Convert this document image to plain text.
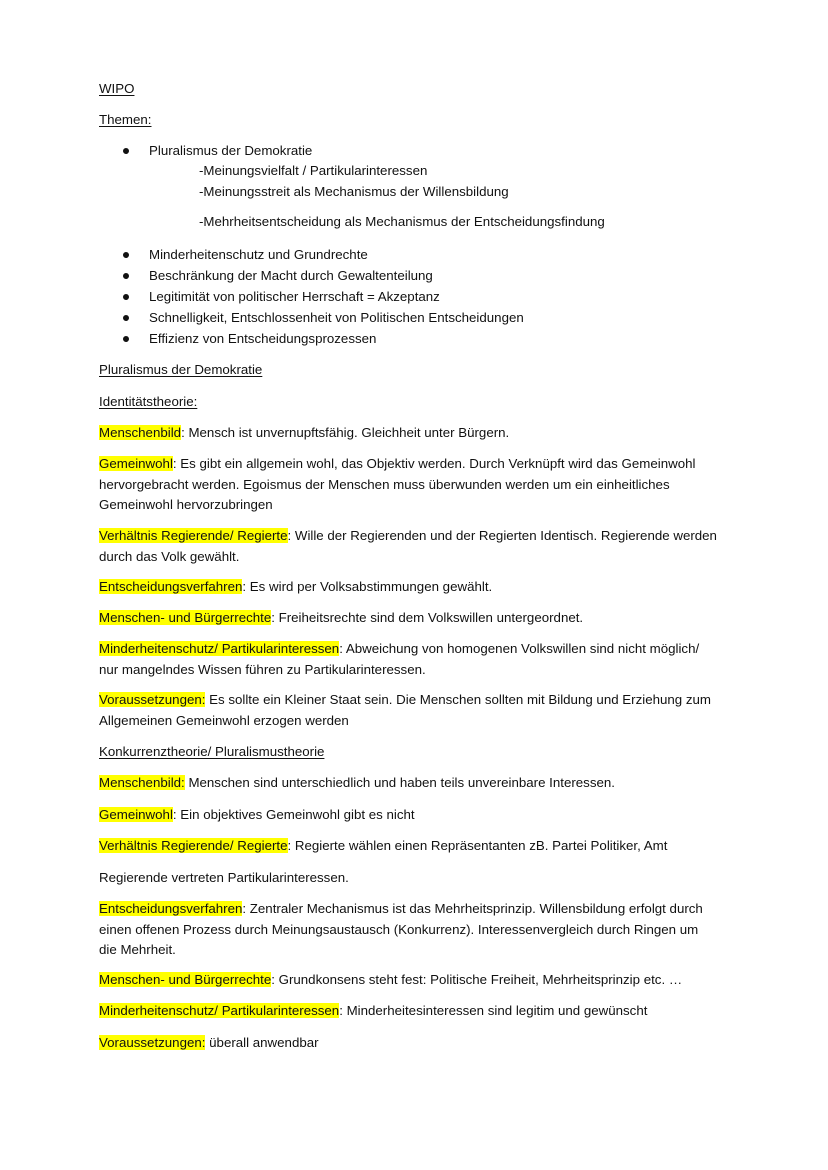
WIPO
Themen:
Pluralismus der Demokratie
-Meinungsvielfalt / Partikularinteressen
-Meinungsstreit als Mechanismus der Willensbildung
-Mehrheitsentscheidung als Mechanismus der Entscheidungsfindung
Minderheitenschutz und Grundrechte
Beschränkung der Macht durch Gewaltenteilung
Legitimität von politischer Herrschaft = Akzeptanz
Schnelligkeit, Entschlossenheit von Politischen Entscheidungen
Effizienz von Entscheidungsprozessen
Pluralismus der Demokratie
Identitätstheorie:
Menschenbild: Mensch ist unvernupftsfähig. Gleichheit unter Bürgern.
Gemeinwohl: Es gibt ein allgemein wohl, das Objektiv werden. Durch Verknüpft wird das Gemeinwohl hervorgebracht werden. Egoismus der Menschen muss überwunden werden um ein einheitliches Gemeinwohl hervorzubringen
Verhältnis Regierende/ Regierte: Wille der Regierenden und der Regierten Identisch. Regierende werden durch das Volk gewählt.
Entscheidungsverfahren: Es wird per Volksabstimmungen gewählt.
Menschen- und Bürgerrechte: Freiheitsrechte sind dem Volkswillen untergeordnet.
Minderheitenschutz/ Partikularinteressen: Abweichung von homogenen Volkswillen sind nicht möglich/ nur mangelndes Wissen führen zu Partikularinteressen.
Voraussetzungen: Es sollte ein Kleiner Staat sein. Die Menschen sollten mit Bildung und Erziehung zum Allgemeinen Gemeinwohl erzogen werden
Konkurrenztheorie/ Pluralismustheorie
Menschenbild: Menschen sind unterschiedlich und haben teils unvereinbare Interessen.
Gemeinwohl: Ein objektives Gemeinwohl gibt es nicht
Verhältnis Regierende/ Regierte: Regierte wählen einen Repräsentanten zB. Partei Politiker, Amt
Regierende vertreten Partikularinteressen.
Entscheidungsverfahren: Zentraler Mechanismus ist das Mehrheitsprinzip. Willensbildung erfolgt durch einen offenen Prozess durch Meinungsaustausch (Konkurrenz). Interessenvergleich durch Ringen um die Mehrheit.
Menschen- und Bürgerrechte: Grundkonsens steht fest: Politische Freiheit, Mehrheitsprinzip etc. …
Minderheitenschutz/ Partikularinteressen: Minderheitesinteressen sind legitim und gewünscht
Voraussetzungen: überall anwendbar
